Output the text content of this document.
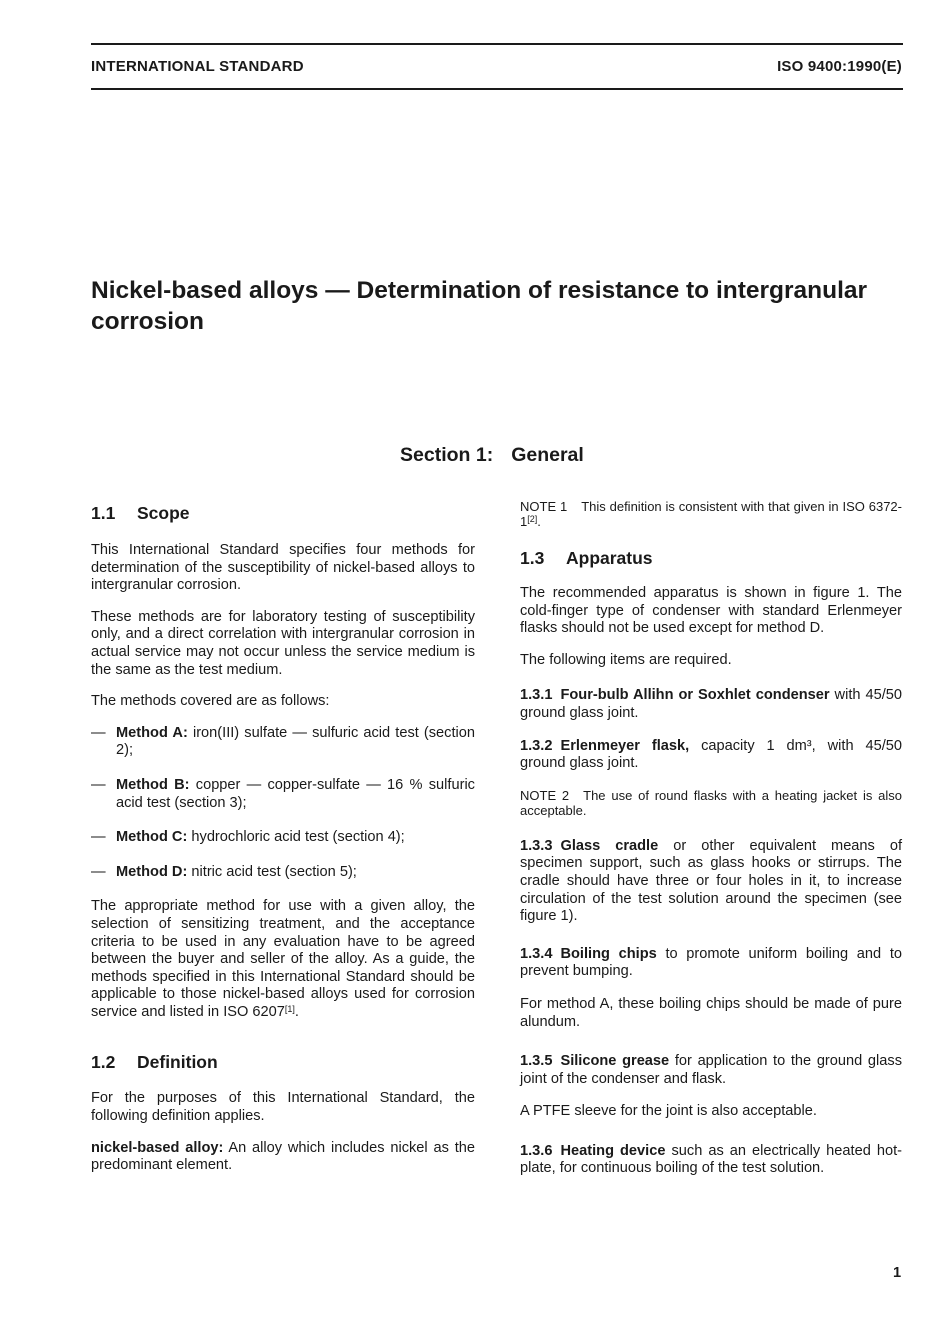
INTERNATIONAL STANDARD	ISO 9400:1990(E)
Nickel-based alloys — Determination of resistance to intergranular corrosion
Section 1: General
1.1 Scope

This International Standard specifies four methods for determination of the susceptibility of nickel-based alloys to intergranular corrosion.

These methods are for laboratory testing of susceptibility only, and a direct correlation with intergranular corrosion in actual service may not occur unless the service medium is the same as the test medium.

The methods covered are as follows:

— Method A: iron(III) sulfate — sulfuric acid test (section 2);
— Method B: copper — copper-sulfate — 16 % sulfuric acid test (section 3);
— Method C: hydrochloric acid test (section 4);
— Method D: nitric acid test (section 5);

The appropriate method for use with a given alloy, the selection of sensitizing treatment, and the acceptance criteria to be used in any evaluation have to be agreed between the buyer and seller of the alloy. As a guide, the methods specified in this International Standard should be applicable to those nickel-based alloys used for corrosion service and listed in ISO 6207[1].

1.2 Definition

For the purposes of this International Standard, the following definition applies.

nickel-based alloy: An alloy which includes nickel as the predominant element.

NOTE 1 This definition is consistent with that given in ISO 6372-1[2].

1.3 Apparatus

The recommended apparatus is shown in figure 1. The cold-finger type of condenser with standard Erlenmeyer flasks should not be used except for method D.

The following items are required.

1.3.1 Four-bulb Allihn or Soxhlet condenser with 45/50 ground glass joint.

1.3.2 Erlenmeyer flask, capacity 1 dm³, with 45/50 ground glass joint.

NOTE 2 The use of round flasks with a heating jacket is also acceptable.

1.3.3 Glass cradle or other equivalent means of specimen support, such as glass hooks or stirrups. The cradle should have three or four holes in it, to increase circulation of the test solution around the specimen (see figure 1).

1.3.4 Boiling chips to promote uniform boiling and to prevent bumping.

For method A, these boiling chips should be made of pure alundum.

1.3.5 Silicone grease for application to the ground glass joint of the condenser and flask.

A PTFE sleeve for the joint is also acceptable.

1.3.6 Heating device such as an electrically heated hot-plate, for continuous boiling of the test solution.

1
